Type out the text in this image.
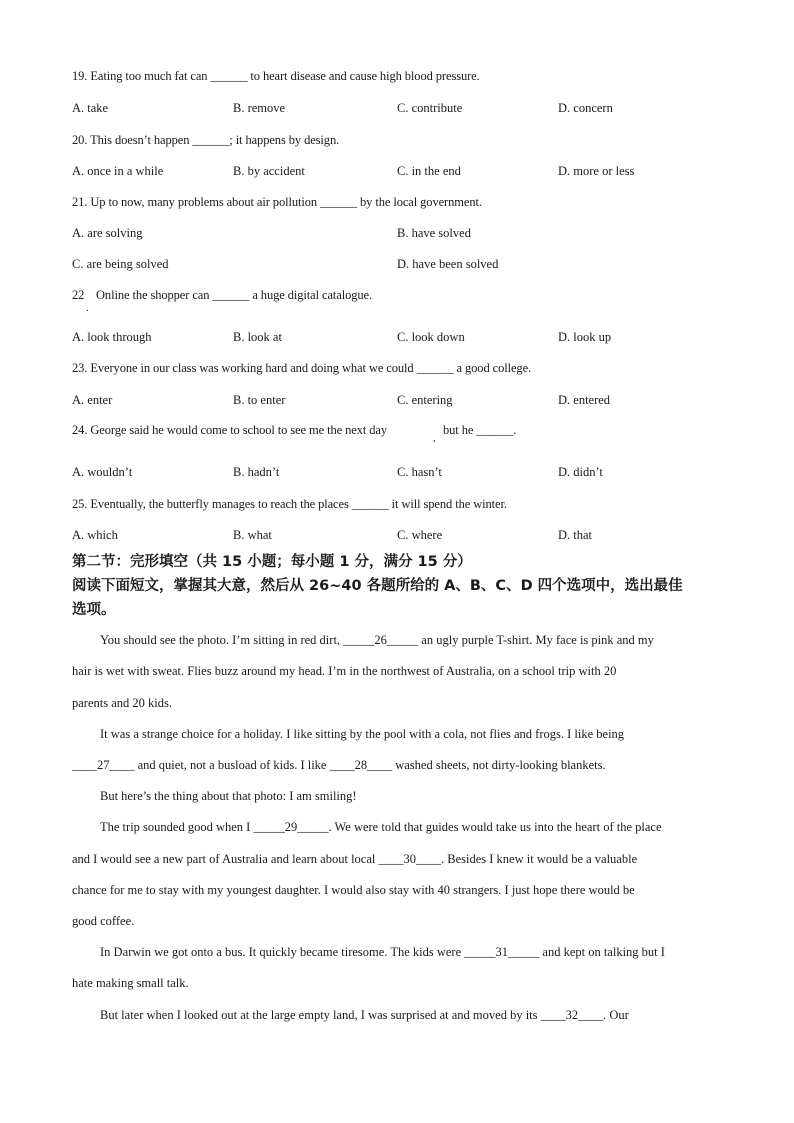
19. Eating too much fat can ______ to heart disease and cause high blood pressure.
A. take	B. remove	C. contribute	D. concern
20. This doesn’t happen ______; it happens by design.
A. once in a while	B. by accident	C. in the end	D. more or less
21. Up to now, many problems about air pollution ______ by the local government.
A. are solving	B. have solved
C. are being solved	D. have been solved
22 Online the shopper can ______ a huge digital catalogue.
.
A. look through	B. look at	C. look down	D. look up
23. Everyone in our class was working hard and doing what we could ______ a good college.
A. enter	B. to enter	C. entering	D. entered
24. George said he would come to school to see me the next day
,
but he ______.
A. wouldn’t	B. hadn’t	C. hasn’t	D. didn’t
25. Eventually, the butterfly manages to reach the places ______ it will spend the winter.
A. which	B. what	C. where	D. that
第二节：完形填空（共 15 小题；每小题 1 分，满分 15 分）
阅读下面短文，掌握其大意，然后从 26~40 各题所给的 A、B、C、D 四个选项中，选出最佳
选项。
You should see the photo. I’m sitting in red dirt, _____26_____ an ugly purple T-shirt. My face is pink and my
hair is wet with sweat. Flies buzz around my head. I’m in the northwest of Australia, on a school trip with 20
parents and 20 kids.
It was a strange choice for a holiday. I like sitting by the pool with a cola, not flies and frogs. I like being
____27____ and quiet, not a busload of kids. I like ____28____ washed sheets, not dirty-looking blankets.
But here’s the thing about that photo: I am smiling!
The trip sounded good when I _____29_____. We were told that guides would take us into the heart of the place
and I would see a new part of Australia and learn about local ____30____. Besides I knew it would be a valuable
chance for me to stay with my youngest daughter. I would also stay with 40 strangers. I just hope there would be
good coffee.
In Darwin we got onto a bus. It quickly became tiresome. The kids were _____31_____ and kept on talking but I
hate making small talk.
But later when I looked out at the large empty land, I was surprised at and moved by its ____32____. Our
